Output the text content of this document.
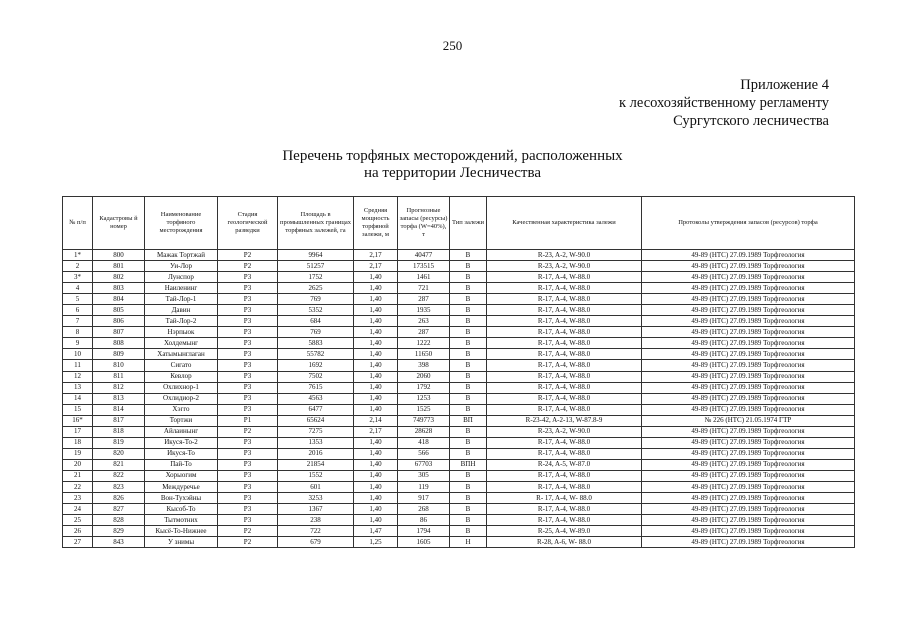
250
Приложение 4
к лесохозяйственному регламенту
Сургутского лесничества
Перечень торфяных месторождений, расположенных
на территории Лесничества
№ п/п	Кадастровы й номер	Наименование торфяного месторождения	Стадия геологической разведки	Площадь в промышленных границах торфяных залежей, га	Средняя мощность торфяной залежи, м	Прогнозные запасы (ресурсы) торфа (W=40%), т	Тип залежи	Качественная характеристика залежи	Протоколы утверждения запасов (ресурсов) торфа
1*	800	Мажак Тортжай	Р2	9964	2,17	40477	В	R-23, A-2, W-90.0	49-89 (НТС) 27.09.1989 Торфгеология
2	801	Уи-Лор	Р2	51257	2,17	173515	В	R-23, A-2, W-90.0	49-89 (НТС) 27.09.1989 Торфгеология
3*	802	Лунспор	Р3	1752	1,40	1461	В	R-17, A-4, W-88.0	49-89 (НТС) 27.09.1989 Торфгеология
4	803	Наиленинг	Р3	2625	1,40	721	В	R-17, A-4, W-88.0	49-89 (НТС) 27.09.1989 Торфгеология
5	804	Тай-Лор-1	Р3	769	1,40	287	В	R-17, A-4, W-88.0	49-89 (НТС) 27.09.1989 Торфгеология
6	805	Давин	Р3	5352	1,40	1935	В	R-17, A-4, W-88.0	49-89 (НТС) 27.09.1989 Торфгеология
7	806	Тай-Лор-2	Р3	684	1,40	263	В	R-17, A-4, W-88.0	49-89 (НТС) 27.09.1989 Торфгеология
8	807	Нэрпыок	Р3	769	1,40	287	В	R-17, A-4, W-88.0	49-89 (НТС) 27.09.1989 Торфгеология
9	808	Холдемынг	Р3	5883	1,40	1222	В	R-17, A-4, W-88.0	49-89 (НТС) 27.09.1989 Торфгеология
10	809	Хатымынглаган	Р3	55782	1,40	11650	В	R-17, A-4, W-88.0	49-89 (НТС) 27.09.1989 Торфгеология
11	810	Сигато	Р3	1692	1,40	398	В	R-17, A-4, W-88.0	49-89 (НТС) 27.09.1989 Торфгеология
12	811	Кевлор	Р3	7502	1,40	2060	В	R-17, A-4, W-88.0	49-89 (НТС) 27.09.1989 Торфгеология
13	812	Охлихнор-1	Р3	7615	1,40	1792	В	R-17, A-4, W-88.0	49-89 (НТС) 27.09.1989 Торфгеология
14	813	Охлидиор-2	Р3	4563	1,40	1253	В	R-17, A-4, W-88.0	49-89 (НТС) 27.09.1989 Торфгеология
15	814	Хэгго	Р3	6477	1,40	1525	В	R-17, A-4, W-88.0	49-89 (НТС) 27.09.1989 Торфгеология
16*	817	Тортжи	Р1	65624	2,14	749773	ВП	R-23-42, A-2-13, W-87.8-9	№ 226 (НТС) 21.05.1974 ГТР
17	818	Айлаинынг	Р2	7275	2,17	28628	В	R-23, A-2, W-90.0	49-89 (НТС) 27.09.1989 Торфгеология
18	819	Икуся-То-2	Р3	1353	1,40	418	В	R-17, A-4, W-88.0	49-89 (НТС) 27.09.1989 Торфгеология
19	820	Икуся-То	Р3	2016	1,40	566	В	R-17, A-4, W-88.0	49-89 (НТС) 27.09.1989 Торфгеология
20	821	Пай-То	Р3	21854	1,40	67703	ВПН	R-24, A-5, W-87.0	49-89 (НТС) 27.09.1989 Торфгеология
21	822	Хорыогим	Р3	1552	1,40	305	В	R-17, A-4, W-88.0	49-89 (НТС) 27.09.1989 Торфгеология
22	823	Междуречье	Р3	601	1,40	119	В	R-17, A-4, W-88.0	49-89 (НТС) 27.09.1989 Торфгеология
23	826	Вон-Тухэйны	Р3	3253	1,40	917	В	R- 17, A-4, W- 88.0	49-89 (НТС) 27.09.1989 Торфгеология
24	827	Кысоб-То	Р3	1367	1,40	268	В	R-17, A-4, W-88.0	49-89 (НТС) 27.09.1989 Торфгеология
25	828	Тытмотних	Р3	238	1,40	86	В	R-17, A-4, W-88.0	49-89 (НТС) 27.09.1989 Торфгеология
26	829	Кысё-То-Нижнее	Р2	722	1,47	1794	В	R-25, A-4, W-89.0	49-89 (НТС) 27.09.1989 Торфгеология
27	843	У знимы	Р2	679	1,25	1605	Н	R-28, A-6, W- 88.0	49-89 (НТС) 27.09.1989 Торфгеология
